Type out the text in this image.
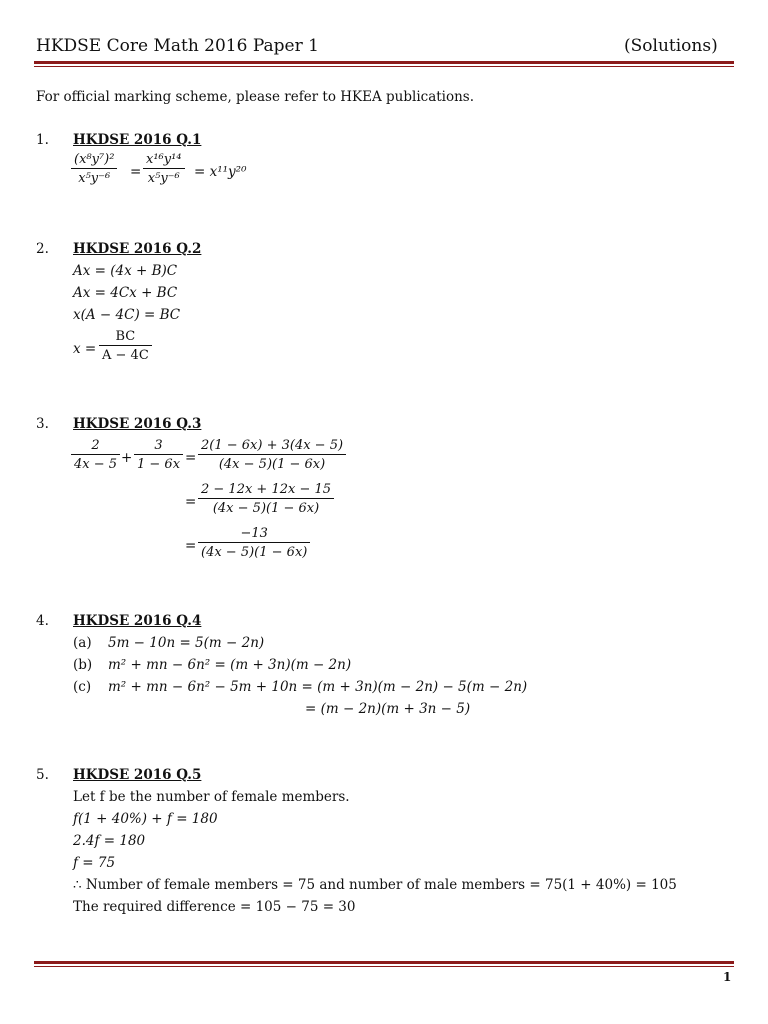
HKDSE Core Math 2016 Paper 1	(Solutions)
For official marking scheme, please refer to HKEA publications.
1. HKDSE 2016 Q.1
(x⁸y⁷)²
x⁵y⁻⁶ =
x¹⁶y¹⁴
x⁵y⁻⁶ = x¹¹y²⁰
2. HKDSE 2016 Q.2
Ax = (4x + B)C
Ax = 4Cx + BC
x(A − 4C) = BC
x =
BC
A − 4C
3. HKDSE 2016 Q.3
2
4x − 5 +
3
1 − 6x =
2(1 − 6x) + 3(4x − 5)
(4x − 5)(1 − 6x)
=
2 − 12x + 12x − 15
(4x − 5)(1 − 6x)
=
−13
(4x − 5)(1 − 6x)
4. HKDSE 2016 Q.4
(a) 5m − 10n = 5(m − 2n)
(b) m² + mn − 6n² = (m + 3n)(m − 2n)
(c) m² + mn − 6n² − 5m + 10n = (m + 3n)(m − 2n) − 5(m − 2n)
= (m − 2n)(m + 3n − 5)
5. HKDSE 2016 Q.5
Let f be the number of female members.
f(1 + 40%) + f = 180
2.4f = 180
f = 75
∴ Number of female members = 75 and number of male members = 75(1 + 40%) = 105
The required difference = 105 − 75 = 30
1
